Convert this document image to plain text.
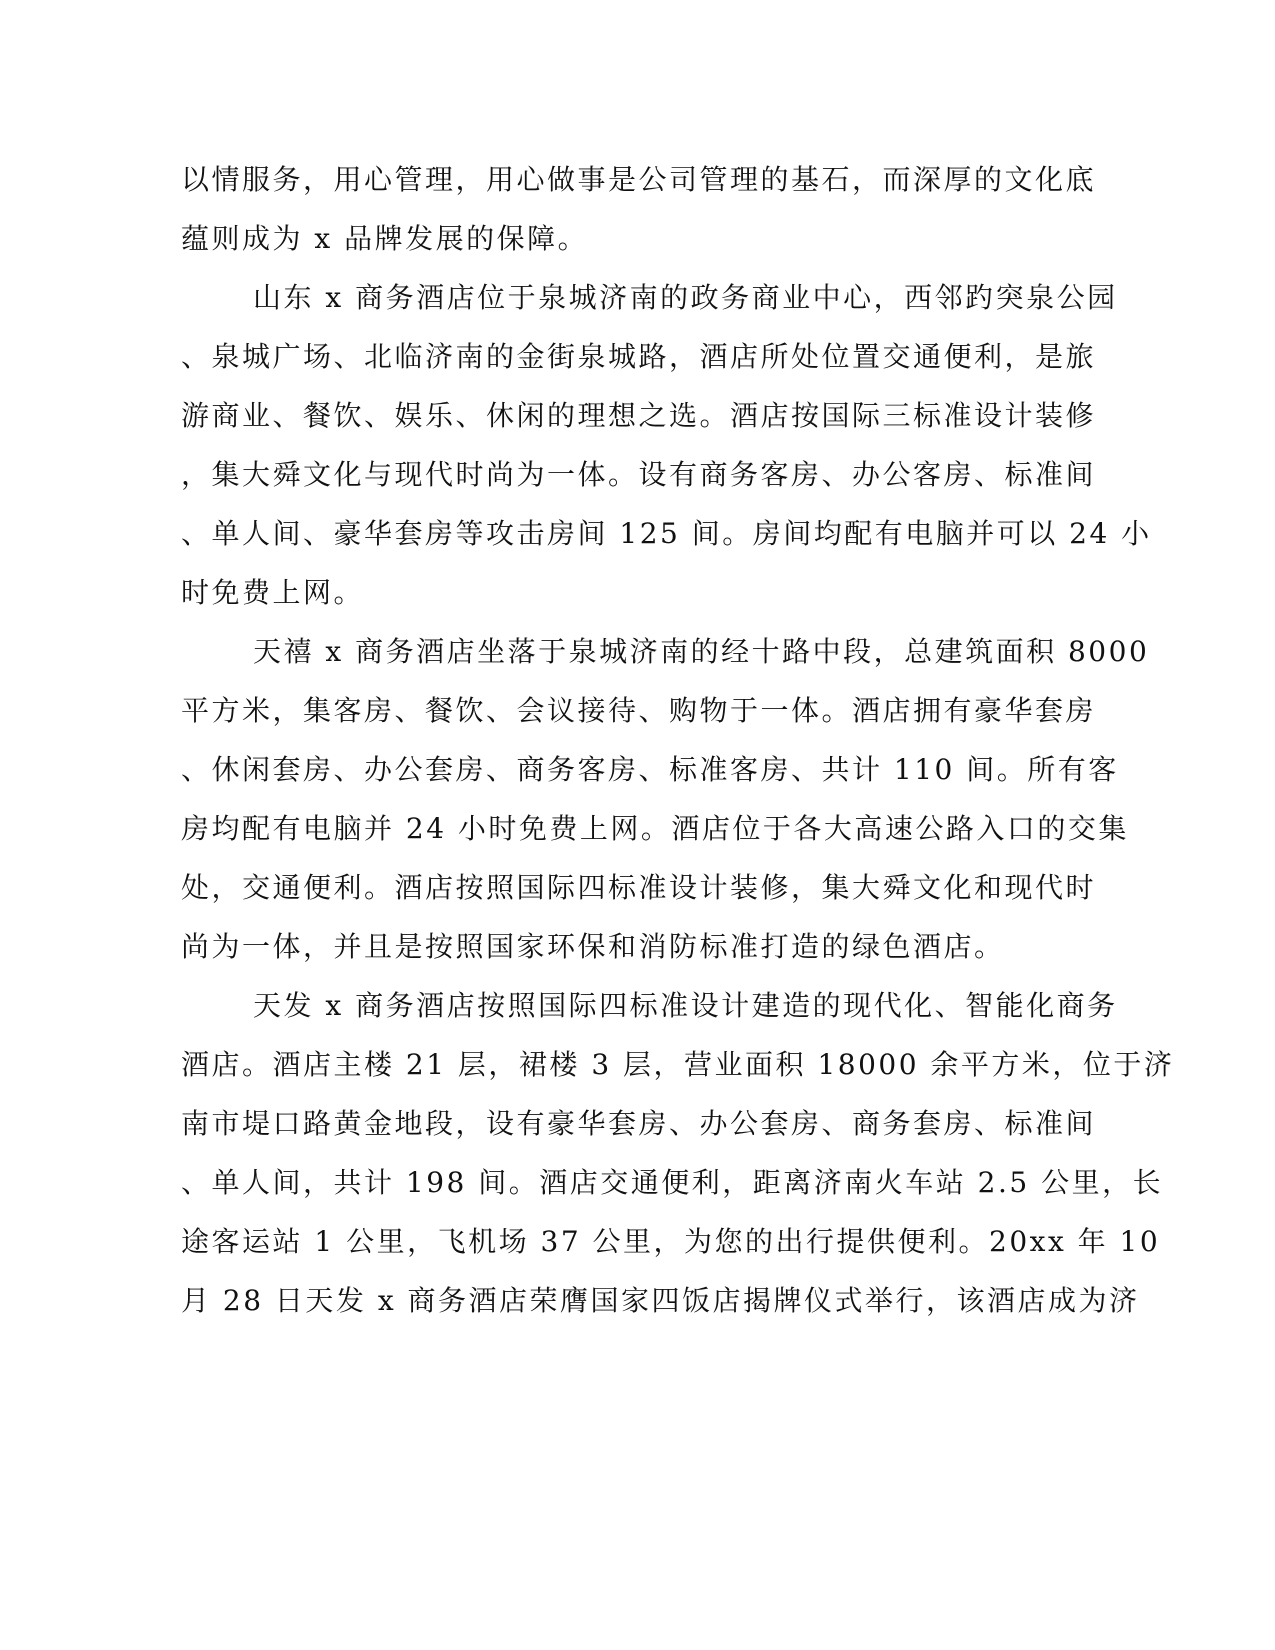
以情服务，用心管理，用心做事是公司管理的基石，而深厚的文化底
蕴则成为 x 品牌发展的保障。
山东 x 商务酒店位于泉城济南的政务商业中心，西邻趵突泉公园
、泉城广场、北临济南的金街泉城路，酒店所处位置交通便利，是旅
游商业、餐饮、娱乐、休闲的理想之选。酒店按国际三标准设计装修
，集大舜文化与现代时尚为一体。设有商务客房、办公客房、标准间
、单人间、豪华套房等攻击房间 125 间。房间均配有电脑并可以 24 小
时免费上网。
天禧 x 商务酒店坐落于泉城济南的经十路中段，总建筑面积 8000
平方米，集客房、餐饮、会议接待、购物于一体。酒店拥有豪华套房
、休闲套房、办公套房、商务客房、标准客房、共计 110 间。所有客
房均配有电脑并 24 小时免费上网。酒店位于各大高速公路入口的交集
处，交通便利。酒店按照国际四标准设计装修，集大舜文化和现代时
尚为一体，并且是按照国家环保和消防标准打造的绿色酒店。
天发 x 商务酒店按照国际四标准设计建造的现代化、智能化商务
酒店。酒店主楼 21 层，裙楼 3 层，营业面积 18000 余平方米，位于济
南市堤口路黄金地段，设有豪华套房、办公套房、商务套房、标准间
、单人间，共计 198 间。酒店交通便利，距离济南火车站 2.5 公里，长
途客运站 1 公里，飞机场 37 公里，为您的出行提供便利。20xx 年 10
月 28 日天发 x 商务酒店荣膺国家四饭店揭牌仪式举行，该酒店成为济
